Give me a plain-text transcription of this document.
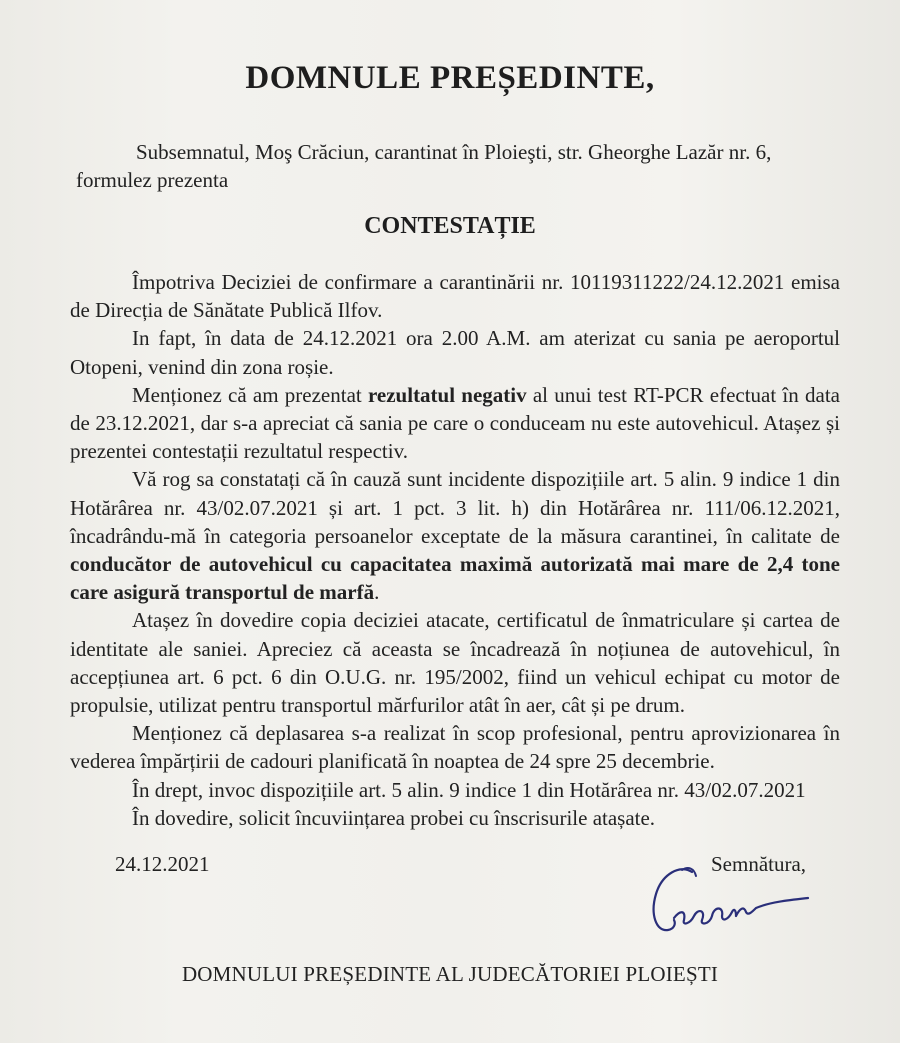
DOMNULE PREȘEDINTE,
Subsemnatul, Moş Crăciun, carantinat în Ploieşti, str. Gheorghe Lazăr nr. 6,
formulez prezenta
CONTESTAȚIE

Împotriva Deciziei de confirmare a carantinării nr. 10119311222/24.12.2021 emisa de Direcția de Sănătate Publică Ilfov.

In fapt, în data de 24.12.2021 ora 2.00 A.M. am aterizat cu sania pe aeroportul Otopeni, venind din zona roșie.

Menționez că am prezentat rezultatul negativ al unui test RT-PCR efectuat în data de 23.12.2021, dar s-a apreciat că sania pe care o conduceam nu este autovehicul. Atașez și prezentei contestații rezultatul respectiv.

Vă rog sa constatați că în cauză sunt incidente dispozițiile art. 5 alin. 9 indice 1 din Hotărârea nr. 43/02.07.2021 și art. 1 pct. 3 lit. h) din Hotărârea nr. 111/06.12.2021, încadrându-mă în categoria persoanelor exceptate de la măsura carantinei, în calitate de conducător de autovehicul cu capacitatea maximă autorizată mai mare de 2,4 tone care asigură transportul de marfă.

Atașez în dovedire copia deciziei atacate, certificatul de înmatriculare și cartea de identitate ale saniei. Apreciez că aceasta se încadrează în noțiunea de autovehicul, în accepțiunea art. 6 pct. 6 din O.U.G. nr. 195/2002, fiind un vehicul echipat cu motor de propulsie, utilizat pentru transportul mărfurilor atât în aer, cât și pe drum.

Menționez că deplasarea s-a realizat în scop profesional, pentru aprovizionarea în vederea împărțirii de cadouri planificată în noaptea de 24 spre 25 decembrie.

În drept, invoc dispozițiile art. 5 alin. 9 indice 1 din Hotărârea nr. 43/02.07.2021

În dovedire, solicit încuviințarea probei cu înscrisurile atașate.

24.12.2021	Semnătura,
DOMNULUI PREȘEDINTE AL JUDECĂTORIEI PLOIEȘTI
